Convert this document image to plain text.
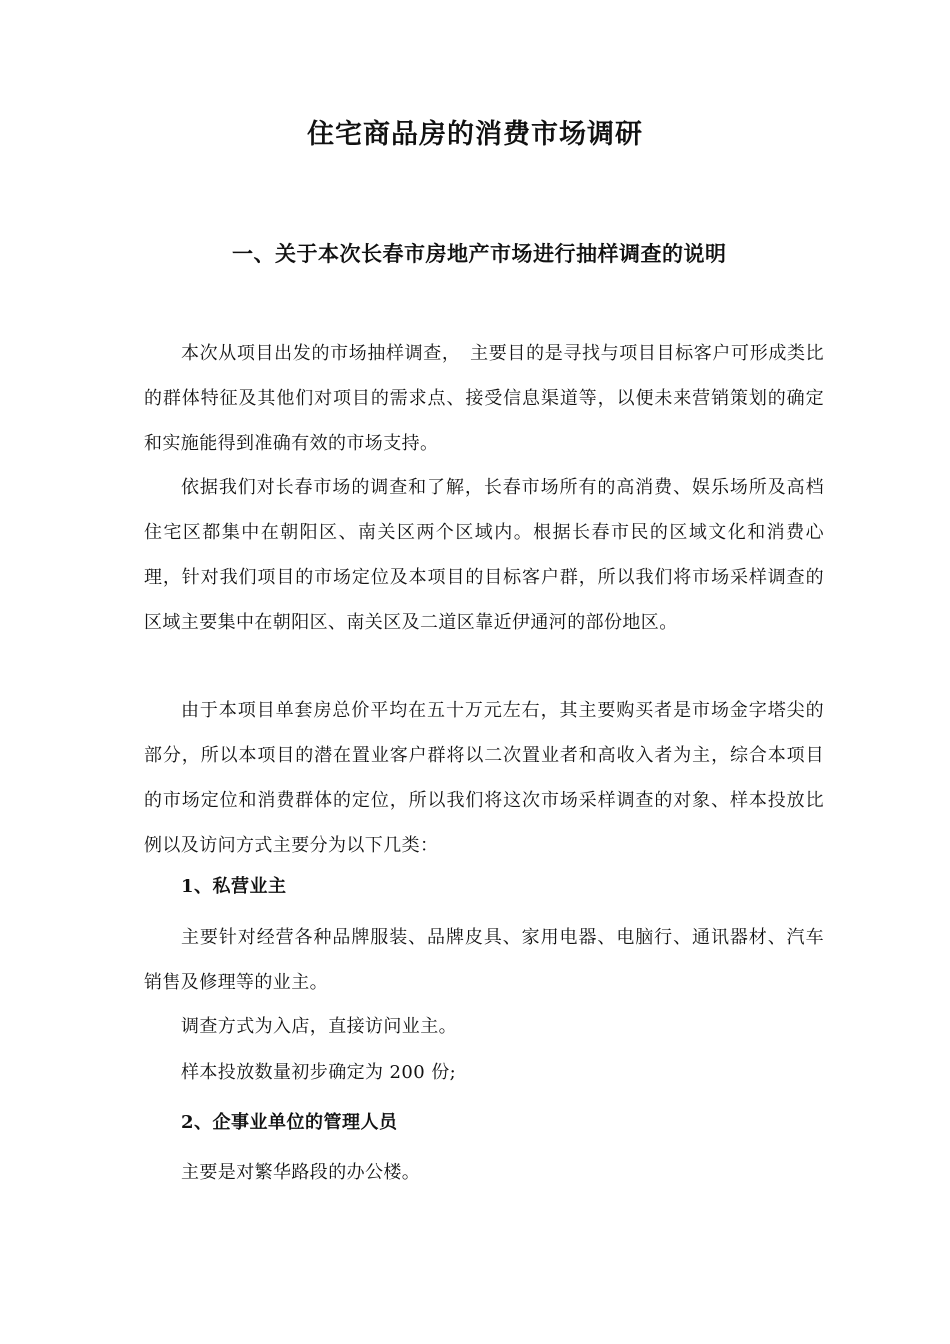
住宅商品房的消费市场调研
一、关于本次长春市房地产市场进行抽样调查的说明

本次从项目出发的市场抽样调查，　主要目的是寻找与项目目标客户可形成类比的群体特征及其他们对项目的需求点、接受信息渠道等，以便未来营销策划的确定和实施能得到准确有效的市场支持。

依据我们对长春市场的调查和了解，长春市场所有的高消费、娱乐场所及高档住宅区都集中在朝阳区、南关区两个区域内。根据长春市民的区域文化和消费心理，针对我们项目的市场定位及本项目的目标客户群，所以我们将市场采样调查的区域主要集中在朝阳区、南关区及二道区靠近伊通河的部份地区。

由于本项目单套房总价平均在五十万元左右，其主要购买者是市场金字塔尖的部分，所以本项目的潜在置业客户群将以二次置业者和高收入者为主，综合本项目的市场定位和消费群体的定位，所以我们将这次市场采样调查的对象、样本投放比例以及访问方式主要分为以下几类：

1、私营业主

主要针对经营各种品牌服装、品牌皮具、家用电器、电脑行、通讯器材、汽车销售及修理等的业主。

调查方式为入店，直接访问业主。

样本投放数量初步确定为 200 份;

2、企事业单位的管理人员

主要是对繁华路段的办公楼。
